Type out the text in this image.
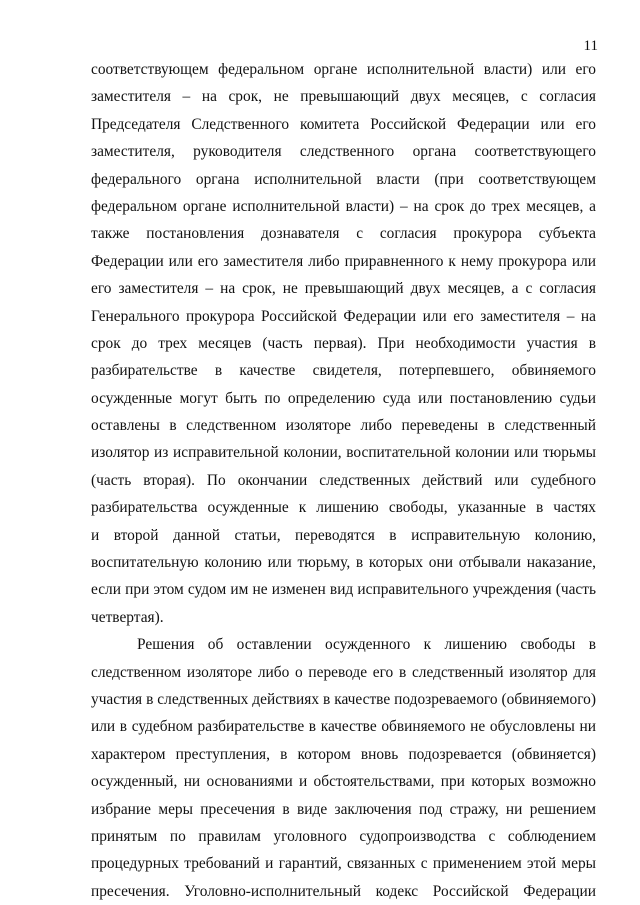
11
соответствующем федеральном органе исполнительной власти) или его
заместителя – на срок, не превышающий двух месяцев, с согласия
Председателя Следственного комитета Российской Федерации или его
заместителя, руководителя следственного органа соответствующего
федерального органа исполнительной власти (при соответствующем
федеральном органе исполнительной власти) – на срок до трех месяцев, а
также постановления дознавателя с согласия прокурора субъекта
Федерации или его заместителя либо приравненного к нему прокурора или
его заместителя – на срок, не превышающий двух месяцев, а с согласия
Генерального прокурора Российской Федерации или его заместителя – на
срок до трех месяцев (часть первая). При необходимости участия в
разбирательстве в качестве свидетеля, потерпевшего, обвиняемого
осужденные могут быть по определению суда или постановлению судьи
оставлены в следственном изоляторе либо переведены в следственный
изолятор из исправительной колонии, воспитательной колонии или тюрьмы
(часть вторая). По окончании следственных действий или судебного
разбирательства осужденные к лишению свободы, указанные в частях
и второй данной статьи, переводятся в исправительную колонию,
воспитательную колонию или тюрьму, в которых они отбывали наказание,
если при этом судом им не изменен вид исправительного учреждения (часть
четвертая).
Решения об оставлении осужденного к лишению свободы в
следственном изоляторе либо о переводе его в следственный изолятор для
участия в следственных действиях в качестве подозреваемого (обвиняемого)
или в судебном разбирательстве в качестве обвиняемого не обусловлены ни
характером преступления, в котором вновь подозревается (обвиняется)
осужденный, ни основаниями и обстоятельствами, при которых возможно
избрание меры пресечения в виде заключения под стражу, ни решением
принятым по правилам уголовного судопроизводства с соблюдением
процедурных требований и гарантий, связанных с применением этой меры
пресечения. Уголовно-исполнительный кодекс Российской Федерации
